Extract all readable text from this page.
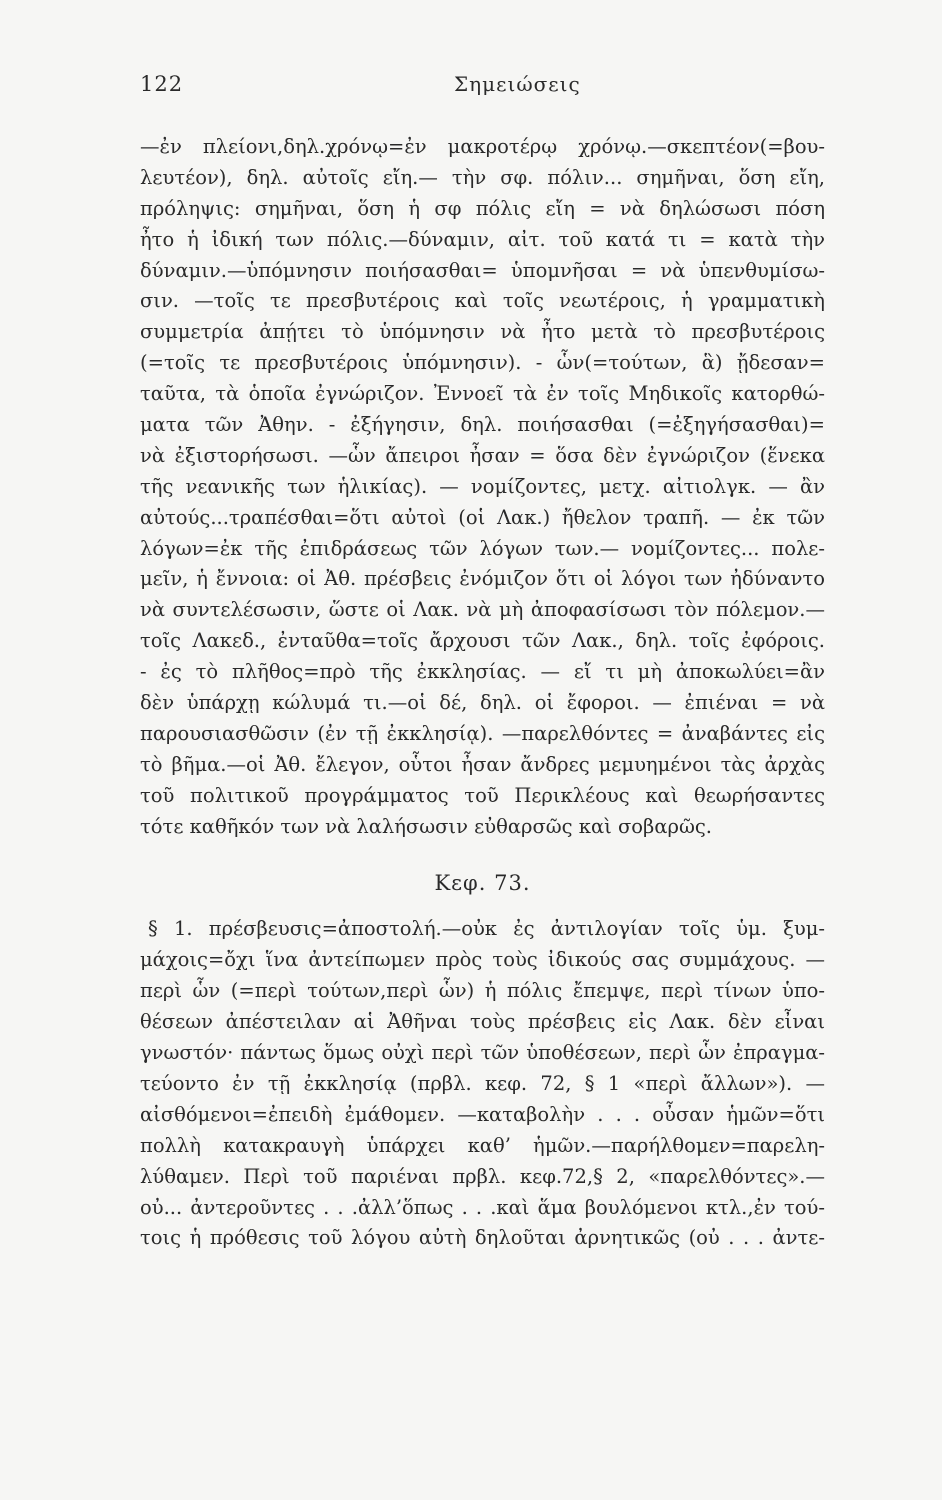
122	Σημειώσεις
—ἐν πλείονι,δηλ.χρόνῳ=ἐν μακροτέρῳ χρόνῳ.—σκεπτέον(=βου-
λευτέον), δηλ. αὐτοῖς εἴη.— τὴν σφ. πόλιν... σημῆναι, ὅση εἴη,
πρόληψις: σημῆναι, ὅση ἡ σφ πόλις εἴη = νὰ δηλώσωσι πόση
ἦτο ἡ ἰδική των πόλις.—δύναμιν, αἰτ. τοῦ κατά τι = κατὰ τὴν
δύναμιν.—ὑπόμνησιν ποιήσασθαι= ὑπομνῆσαι = νὰ ὑπενθυμίσω-
σιν. —τοῖς τε πρεσβυτέροις καὶ τοῖς νεωτέροις, ἡ γραμματικὴ
συμμετρία ἀπῄτει τὸ ὑπόμνησιν νὰ ἦτο μετὰ τὸ πρεσβυτέροις
(=τοῖς τε πρεσβυτέροις ὑπόμνησιν). - ὧν(=τούτων, ἃ) ᾔδεσαν=
ταῦτα, τὰ ὁποῖα ἐγνώριζον. Ἐννοεῖ τὰ ἐν τοῖς Μηδικοῖς κατορθώ-
ματα τῶν Ἀθην. - ἐξήγησιν, δηλ. ποιήσασθαι (=ἐξηγήσασθαι)=
νὰ ἐξιστορήσωσι. —ὧν ἄπειροι ἦσαν = ὅσα δὲν ἐγνώριζον (ἕνεκα
τῆς νεανικῆς των ἡλικίας). — νομίζοντες, μετχ. αἰτιολγκ. — ἂν
αὐτούς...τραπέσθαι=ὅτι αὐτοὶ (οἱ Λακ.) ἤθελον τραπῆ. — ἐκ τῶν
λόγων=ἐκ τῆς ἐπιδράσεως τῶν λόγων των.— νομίζοντες... πολε-
μεῖν, ἡ ἔννοια: οἱ Ἀθ. πρέσβεις ἐνόμιζον ὅτι οἱ λόγοι των ἠδύναντο
νὰ συντελέσωσιν, ὥστε οἱ Λακ. νὰ μὴ ἀποφασίσωσι τὸν πόλεμον.—
τοῖς Λακεδ., ἐνταῦθα=τοῖς ἄρχουσι τῶν Λακ., δηλ. τοῖς ἐφόροις.
- ἐς τὸ πλῆθος=πρὸ τῆς ἐκκλησίας. — εἴ τι μὴ ἀποκωλύει=ἂν
δὲν ὑπάρχῃ κώλυμά τι.—οἱ δέ, δηλ. οἱ ἔφοροι. — ἐπιέναι = νὰ
παρουσιασθῶσιν (ἐν τῇ ἐκκλησίᾳ). —παρελθόντες = ἀναβάντες εἰς
τὸ βῆμα.—οἱ Ἀθ. ἔλεγον, οὗτοι ἦσαν ἄνδρες μεμυημένοι τὰς ἀρχὰς
τοῦ πολιτικοῦ προγράμματος τοῦ Περικλέους καὶ θεωρήσαντες
τότε καθῆκόν των νὰ λαλήσωσιν εὐθαρσῶς καὶ σοβαρῶς.
Κεφ. 73.
§ 1. πρέσβευσις=ἀποστολή.—οὐκ ἐς ἀντιλογίαν τοῖς ὑμ. ξυμ-
μάχοις=ὄχι ἵνα ἀντείπωμεν πρὸς τοὺς ἰδικούς σας συμμάχους. —
περὶ ὧν (=περὶ τούτων,περὶ ὧν) ἡ πόλις ἔπεμψε, περὶ τίνων ὑπο-
θέσεων ἀπέστειλαν αἱ Ἀθῆναι τοὺς πρέσβεις εἰς Λακ. δὲν εἶναι
γνωστόν· πάντως ὅμως οὐχὶ περὶ τῶν ὑποθέσεων, περὶ ὧν ἐπραγμα-
τεύοντο ἐν τῇ ἐκκλησίᾳ (πρβλ. κεφ. 72, § 1 «περὶ ἄλλων»). —
αἰσθόμενοι=ἐπειδὴ ἐμάθομεν. —καταβολὴν . . . οὖσαν ἡμῶν=ὅτι
πολλὴ κατακραυγὴ ὑπάρχει καθ’ ἡμῶν.—παρήλθομεν=παρελη-
λύθαμεν. Περὶ τοῦ παριέναι πρβλ. κεφ.72,§ 2, «παρελθόντες».—
οὐ... ἀντεροῦντες . . .ἀλλ’ὅπως . . .καὶ ἅμα βουλόμενοι κτλ.,ἐν τού-
τοις ἡ πρόθεσις τοῦ λόγου αὐτὴ δηλοῦται ἀρνητικῶς (οὐ . . . ἀντε-
